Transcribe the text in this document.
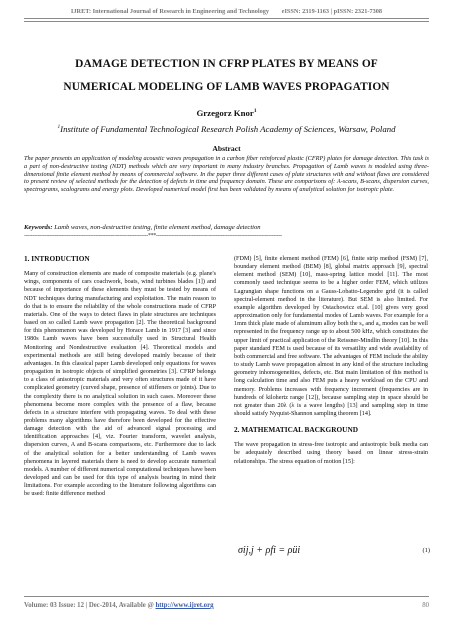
IJRET: International Journal of Research in Engineering and Technology        eISSN: 2319-1163 | pISSN: 2321-7308
DAMAGE DETECTION IN CFRP PLATES BY MEANS OF
NUMERICAL MODELING OF LAMB WAVES PROPAGATION
Grzegorz Knor$^1$
$^1$Institute of Fundamental Technological Research Polish Academy of Sciences, Warsaw, Poland
Abstract
The paper presents an application of modeling acoustic waves propagation in a carbon fiber reinforced plastic (CFRP) plates for damage detection. This task is a part of non-destructive testing (NDT) methods which are very important in many industry branches. Propagation of Lamb waves is modeled using three-dimensional finite element method by means of commercial software. In the paper three different cases of plate structures with and without flaws are considered to present review of selected methods for the detection of defects in time and frequency domain. These are comparisons of: A-scans, B-scans, dispersion curves, spectrograms, scalograms and energy plots. Developed numerical model first has been validated by means of analytical solution for isotropic plate.
Keywords: Lamb waves, non-destructive testing, finite element method, damage detection
-------------------------------------------------------------------------***--------------------------------------------------------------------------
1. INTRODUCTION

Many of construction elements are made of composite materials (e.g. plane's wings, components of cars coachwork, boats, wind turbines blades [1]) and because of importance of these elements they must be tested by means of NDT techniques during manufacturing and exploitation. The main reason to do that is to ensure the reliability of the whole constructions made of CFRP materials. One of the ways to detect flaws in plate structures are techniques based on so called Lamb wave propagation [2]. The theoretical background for this phenomenon was developed by Horace Lamb in 1917 [3] and since 1980s Lamb waves have been successfully used in Structural Health Monitoring and Nondestructive evaluation [4]. Theoretical models and experimental methods are still being developed mainly because of their advantages. In this classical paper Lamb developed only equations for waves propagation in isotropic objects of simplified geometries [3]. CFRP belongs to a class of anisotropic materials and very often structures made of it have complicated geometry (curved shape, presence of stiffeners or joints). Due to the complexity there is no analytical solution in such cases. Moreover these phenomena become more complex with the presence of a flaw, because defects in a structure interfere with propagating waves. To deal with these problems many algorithms have therefore been developed for the effective damage detection with the aid of advanced signal processing and identification approaches [4], viz. Fourier transform, wavelet analysis, dispersion curves, A and B-scans comparisons, etc. Furthermore due to lack of the analytical solution for a better understanding of Lamb waves phenomena in layered materials there is need to develop accurate numerical models. A number of different numerical computational techniques have been developed and can be used for this type of analysis bearing in mind their limitations. For example according to the literature following algorithms can be used: finite difference method

(FDM) [5], finite element method (FEM) [6], finite strip method (FSM) [7], boundary element method (BEM) [8], global matrix approach [9], spectral element method (SEM) [10], mass-spring lattice model [11]. The most commonly used technique seems to be a higher order FEM, which utilizes Lagrangian shape functions on a Gauss-Lobatto-Legendre grid (it is called spectral-element method in the literature). But SEM is also limited. For example algorithm developed by Ostachowicz et.al. [10] gives very good approximation only for fundamental modes of Lamb waves. For example for a 1mm thick plate made of aluminum alloy both the s₀ and a₀ modes can be well represented in the frequency range up to about 500 kHz, which constitutes the upper limit of practical application of the Reissner-Mindlin theory [10]. In this paper standard FEM is used because of its versatility and wide availability of both commercial and free software. The advantages of FEM include the ability to study Lamb wave propagation almost in any kind of the structure including geometry inhomogeneities, defects, etc. But main limitation of this method is long calculation time and also FEM puts a heavy workload on the CPU and memory. Problems increases with frequency increment (frequencies are in hundreds of kilohertz range [12]), because sampling step in space should be not greater than 20λ (λ is a wave lengths) [13] and sampling step in time should satisfy Nyquist-Shannon sampling theorem [14].

2. MATHEMATICAL BACKGROUND

The wave propagation in stress-free isotropic and anisotropic bulk media can be adequately described using theory based on linear stress-strain relationships. The stress equation of motion [15]:

σij,j + ρfi = ρüi	(1)
Volume: 03 Issue: 12 | Dec-2014, Available @ http://www.ijret.org	80
